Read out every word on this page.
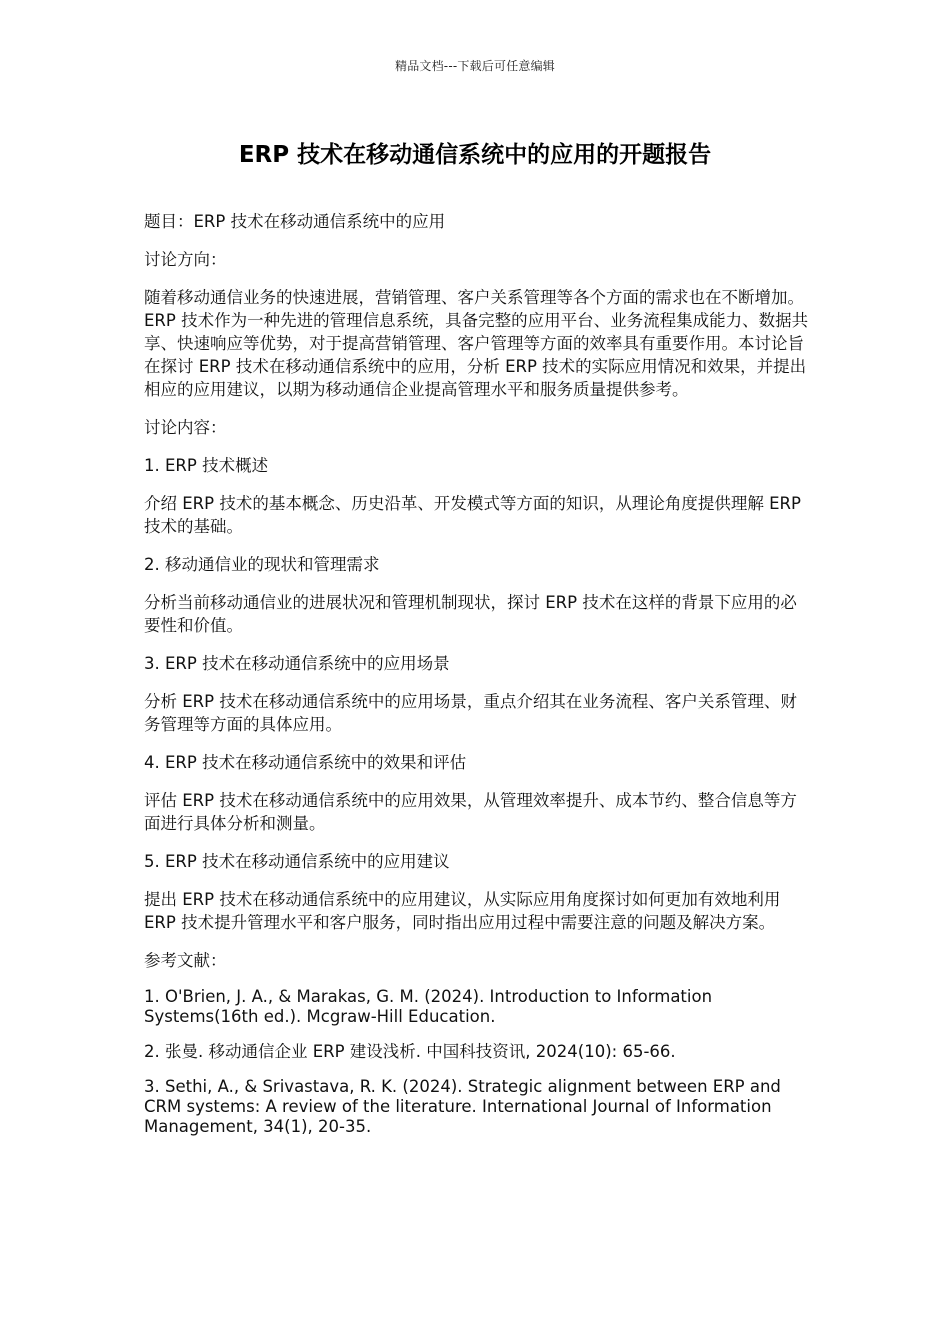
精品文档---下载后可任意编辑
ERP 技术在移动通信系统中的应用的开题报告

题目：ERP 技术在移动通信系统中的应用

讨论方向：

随着移动通信业务的快速进展，营销管理、客户关系管理等各个方面的需求也在不断增加。ERP 技术作为一种先进的管理信息系统，具备完整的应用平台、业务流程集成能力、数据共享、快速响应等优势，对于提高营销管理、客户管理等方面的效率具有重要作用。本讨论旨在探讨 ERP 技术在移动通信系统中的应用，分析 ERP 技术的实际应用情况和效果，并提出相应的应用建议，以期为移动通信企业提高管理水平和服务质量提供参考。

讨论内容：

1. ERP 技术概述

介绍 ERP 技术的基本概念、历史沿革、开发模式等方面的知识，从理论角度提供理解 ERP 技术的基础。

2. 移动通信业的现状和管理需求

分析当前移动通信业的进展状况和管理机制现状，探讨 ERP 技术在这样的背景下应用的必要性和价值。

3. ERP 技术在移动通信系统中的应用场景

分析 ERP 技术在移动通信系统中的应用场景，重点介绍其在业务流程、客户关系管理、财务管理等方面的具体应用。

4. ERP 技术在移动通信系统中的效果和评估

评估 ERP 技术在移动通信系统中的应用效果，从管理效率提升、成本节约、整合信息等方面进行具体分析和测量。

5. ERP 技术在移动通信系统中的应用建议

提出 ERP 技术在移动通信系统中的应用建议，从实际应用角度探讨如何更加有效地利用 ERP 技术提升管理水平和客户服务，同时指出应用过程中需要注意的问题及解决方案。

参考文献：

1. O'Brien, J. A., & Marakas, G. M. (2024). Introduction to Information Systems(16th ed.). Mcgraw-Hill Education.

2. 张曼. 移动通信企业 ERP 建设浅析. 中国科技资讯, 2024(10): 65-66.

3. Sethi, A., & Srivastava, R. K. (2024). Strategic alignment between ERP and CRM systems: A review of the literature. International Journal of Information Management, 34(1), 20-35.
